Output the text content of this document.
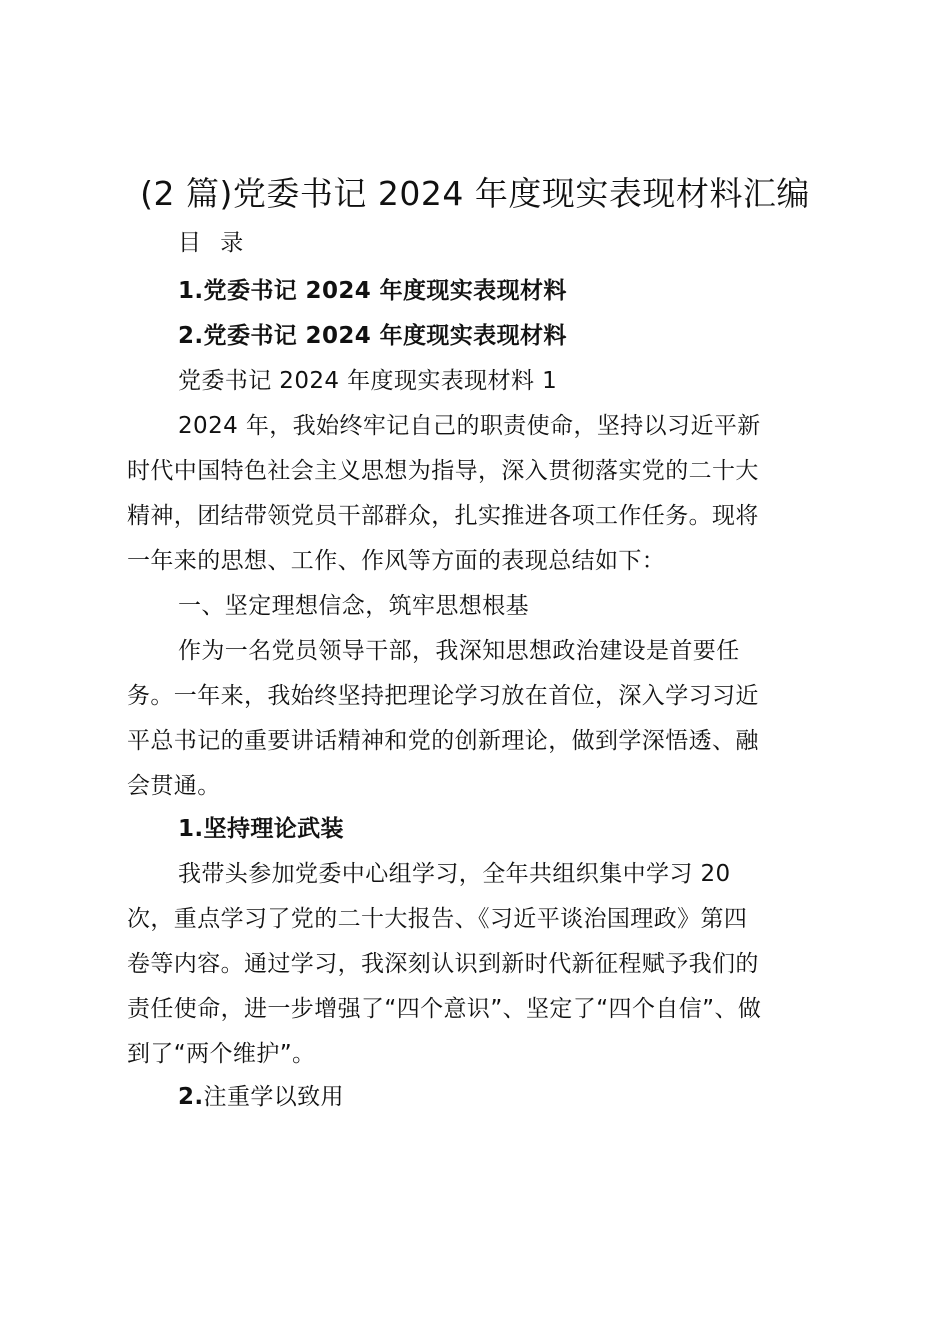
(2 篇)党委书记 2024 年度现实表现材料汇编
目 录
1.党委书记 2024 年度现实表现材料
2.党委书记 2024 年度现实表现材料
党委书记 2024 年度现实表现材料 1
2024 年，我始终牢记自己的职责使命，坚持以习近平新
时代中国特色社会主义思想为指导，深入贯彻落实党的二十大
精神，团结带领党员干部群众，扎实推进各项工作任务。现将
一年来的思想、工作、作风等方面的表现总结如下：
一、坚定理想信念，筑牢思想根基
作为一名党员领导干部，我深知思想政治建设是首要任
务。一年来，我始终坚持把理论学习放在首位，深入学习习近
平总书记的重要讲话精神和党的创新理论，做到学深悟透、融
会贯通。
1.坚持理论武装
我带头参加党委中心组学习，全年共组织集中学习 20
次，重点学习了党的二十大报告、《习近平谈治国理政》第四
卷等内容。通过学习，我深刻认识到新时代新征程赋予我们的
责任使命，进一步增强了“四个意识”、坚定了“四个自信”、做
到了“两个维护”。
2.注重学以致用
